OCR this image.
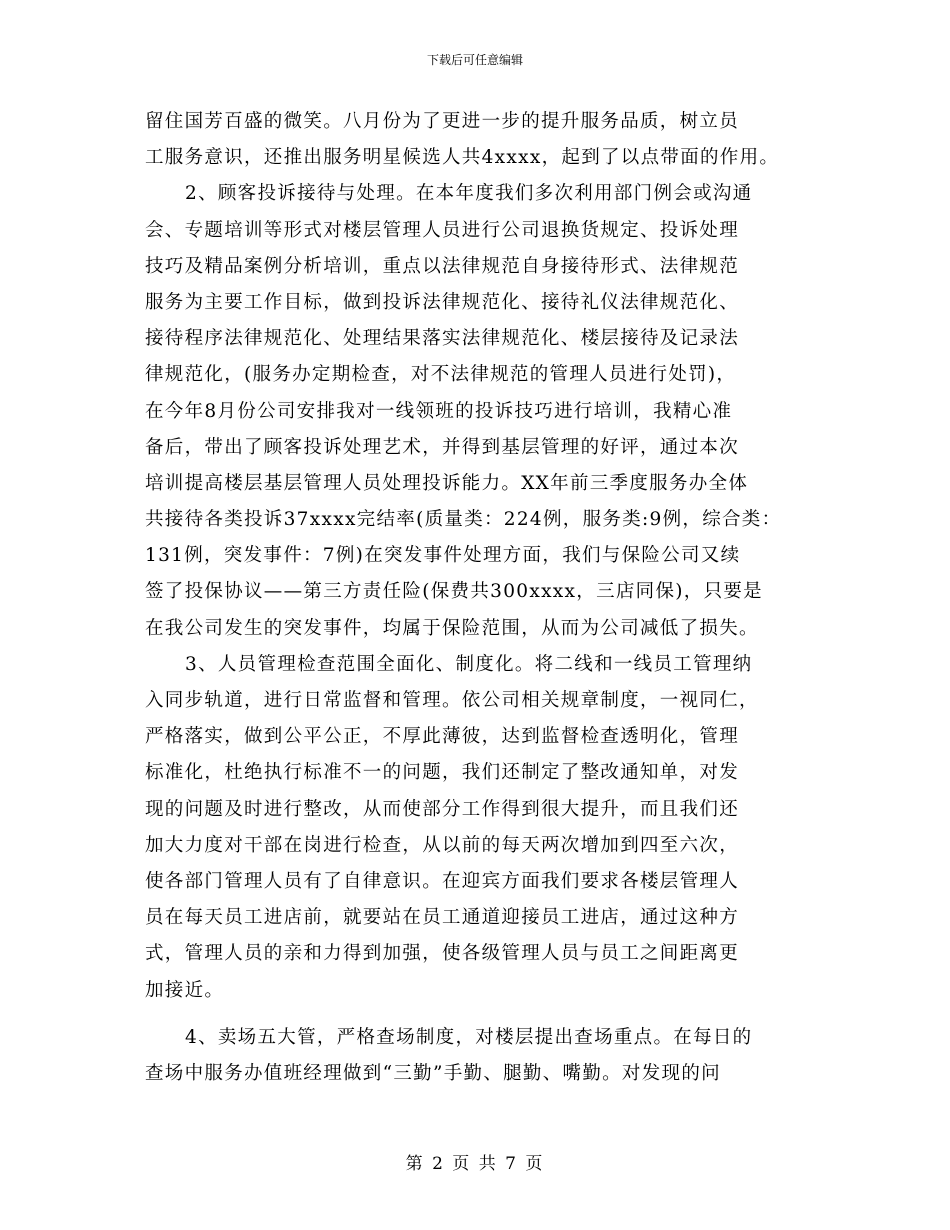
下载后可任意编辑
留住国芳百盛的微笑。八月份为了更进一步的提升服务品质，树立员
工服务意识，还推出服务明星候选人共4xxxx，起到了以点带面的作用。
2、顾客投诉接待与处理。在本年度我们多次利用部门例会或沟通
会、专题培训等形式对楼层管理人员进行公司退换货规定、投诉处理
技巧及精品案例分析培训，重点以法律规范自身接待形式、法律规范
服务为主要工作目标，做到投诉法律规范化、接待礼仪法律规范化、
接待程序法律规范化、处理结果落实法律规范化、楼层接待及记录法
律规范化，(服务办定期检查，对不法律规范的管理人员进行处罚)，
在今年8月份公司安排我对一线领班的投诉技巧进行培训，我精心准
备后，带出了顾客投诉处理艺术，并得到基层管理的好评，通过本次
培训提高楼层基层管理人员处理投诉能力。XX年前三季度服务办全体
共接待各类投诉37xxxx完结率(质量类：224例，服务类:9例，综合类：
131例，突发事件：7例)在突发事件处理方面，我们与保险公司又续
签了投保协议——第三方责任险(保费共300xxxx，三店同保)，只要是
在我公司发生的突发事件，均属于保险范围，从而为公司减低了损失。
3、人员管理检查范围全面化、制度化。将二线和一线员工管理纳
入同步轨道，进行日常监督和管理。依公司相关规章制度，一视同仁，
严格落实，做到公平公正，不厚此薄彼，达到监督检查透明化，管理
标准化，杜绝执行标准不一的问题，我们还制定了整改通知单，对发
现的问题及时进行整改，从而使部分工作得到很大提升，而且我们还
加大力度对干部在岗进行检查，从以前的每天两次增加到四至六次，
使各部门管理人员有了自律意识。在迎宾方面我们要求各楼层管理人
员在每天员工进店前，就要站在员工通道迎接员工进店，通过这种方
式，管理人员的亲和力得到加强，使各级管理人员与员工之间距离更
加接近。
4、卖场五大管，严格查场制度，对楼层提出查场重点。在每日的
查场中服务办值班经理做到“三勤”手勤、腿勤、嘴勤。对发现的问
第 2 页 共 7 页
